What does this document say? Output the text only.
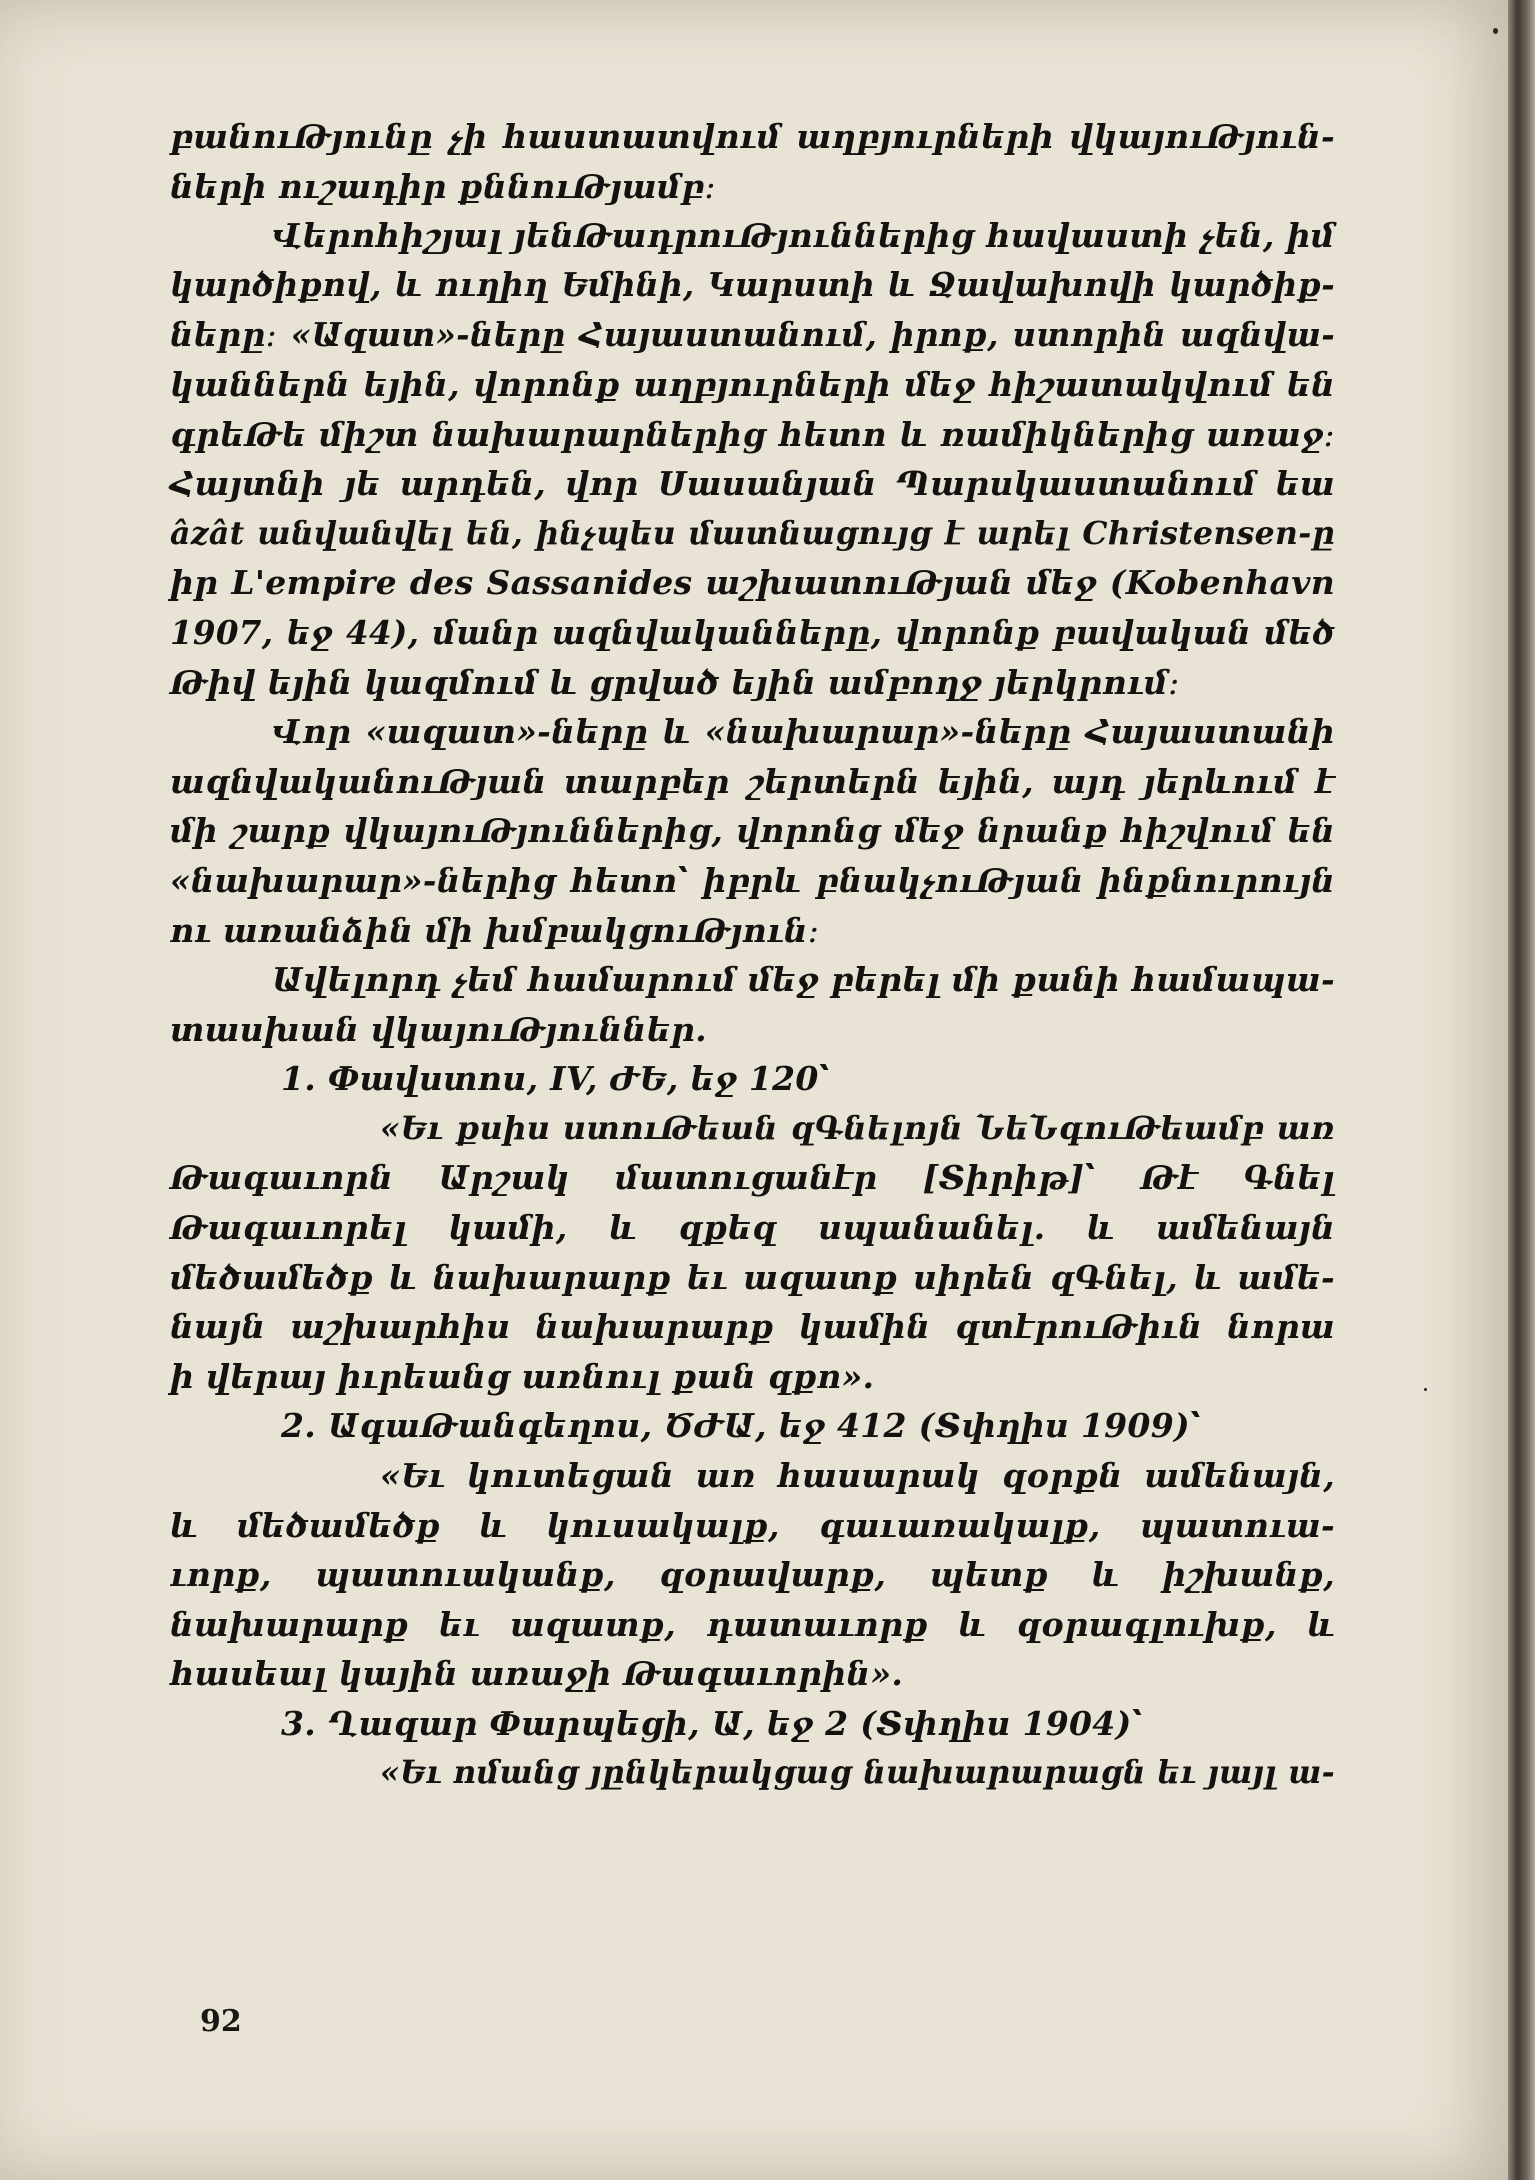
բանուԹյունը չի հաստատվում աղբյուրների վկայուԹյուն-
ների ուշադիր քննուԹյամբ։
Վերոհիշյալ յենԹադրուԹյուններից հավաստի չեն, իմ
կարծիքով, և ուղիղ Եմինի, Կարստի և Ջավախովի կարծիք-
ները։ «Ազատ»-ները Հայաստանում, իրոք, ստորին ազնվա-
կաններն եյին, վորոնք աղբյուրների մեջ հիշատակվում են
գրեԹե միշտ նախարարներից հետո և ռամիկներից առաջ։
Հայտնի յե արդեն, վոր Սասանյան Պարսկաստանում եա
âzât անվանվել են, ինչպես մատնացույց է արել Christensen-ը
իր L'empire des Sassanides աշխատուԹյան մեջ (Kobenhavn
1907, եջ 44), մանր ազնվականները, վորոնք բավական մեծ
Թիվ եյին կազմում և ցրված եյին ամբողջ յերկրում։
Վոր «ազատ»-ները և «նախարար»-ները Հայաստանի
ազնվականուԹյան տարբեր շերտերն եյին, այդ յերևում է
մի շարք վկայուԹյուններից, վորոնց մեջ նրանք հիշվում են
«նախարար»-ներից հետո՝ իբրև բնակչուԹյան ինքնուրույն
ու առանձին մի խմբակցուԹյուն։
Ավելորդ չեմ համարում մեջ բերել մի քանի համապա-
տասխան վկայուԹյուններ.
1. Փավստոս, IV, ԺԵ, եջ 120՝
«Եւ քսիս ստուԹեան զԳնելոյն ՆեՆգուԹեամբ առ
Թագաւորն Արշակ մատուցանէր [Տիրիթ]՝ Թէ Գնել
Թագաւորել կամի, և զքեզ սպանանել. և ամենայն
մեծամեծք և նախարարք եւ ազատք սիրեն զԳնել, և ամե-
նայն աշխարհիս նախարարք կամին զտէրուԹիւն նորա
ի վերայ իւրեանց առնուլ քան զքո»․
2. ԱգաԹանգեղոս, ԾԺԱ, եջ 412 (Տփղիս 1909)՝
«Եւ կուտեցան առ հասարակ զօրքն ամենայն,
և մեծամեծք և կուսակալք, գաւառակալք, պատուա-
ւորք, պատուականք, զօրավարք, պետք և իշխանք,
նախարարք եւ ազատք, դատաւորք և զօրագլուխք, և
հասեալ կային առաջի Թագաւորին»․
3. Ղազար Փարպեցի, Ա, եջ 2 (Տփղիս 1904)՝
«Եւ ոմանց յընկերակցաց նախարարացն եւ յայլ ա-
92
